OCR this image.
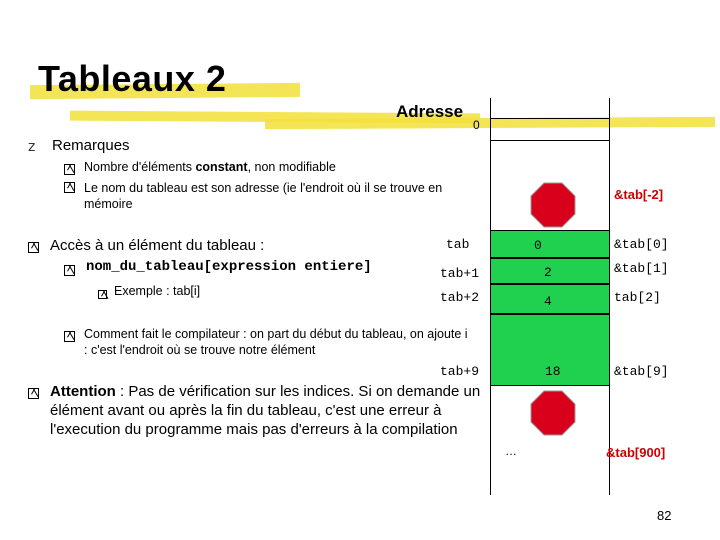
Tableaux 2
Adresse
0
z Remarques
Nombre d'éléments constant, non modifiable
Le nom du tableau est son adresse (ie l'endroit où il se trouve en mémoire
Accès à un élément du tableau :
nom_du_tableau[expression entiere]
Exemple : tab[i]
Comment fait le compilateur : on part du début du tableau, on ajoute i : c'est l'endroit où se trouve notre élément
Attention : Pas de vérification sur les indices. Si on demande un élément avant ou après la fin du tableau, c'est une erreur à l'execution du programme mais pas d'erreurs à la compilation
&tab[-2]
tab	0	&tab[0]
tab+1	2	&tab[1]
tab+2	4	tab[2]
tab+9	18	&tab[9]
…	&tab[900]
82
